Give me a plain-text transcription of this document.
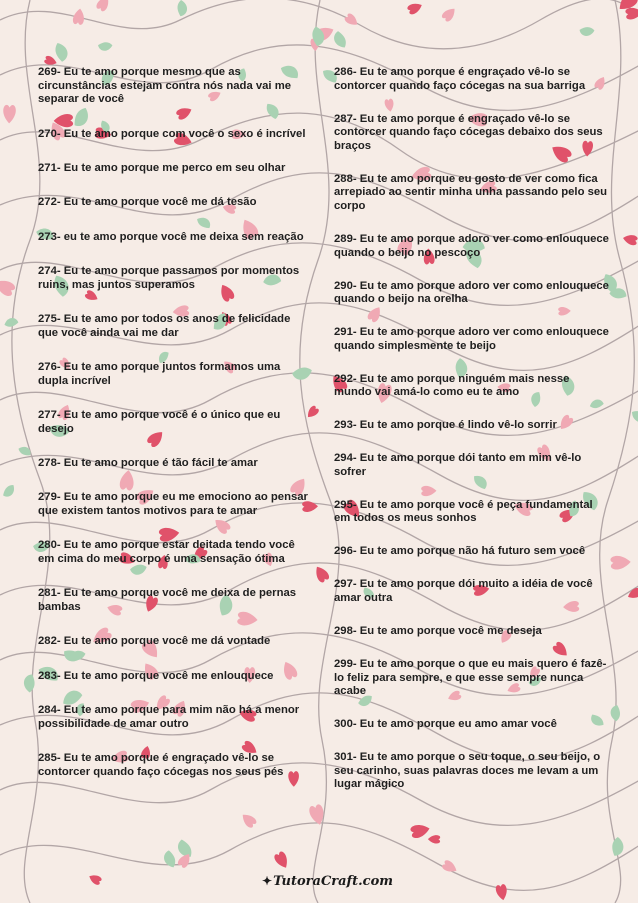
269- Eu te amo porque mesmo que as circunstâncias estejam contra nós nada vai me separar de você

270- Eu te amo porque com você o sexo é incrível

271- Eu te amo porque me perco em seu olhar

272- Eu te amo porque você me dá tesão

273- eu te amo porque você me deixa sem reação

274- Eu te amo porque passamos por momentos ruins, mas juntos superamos

275- Eu te amo por todos os anos de felicidade que você ainda vai me dar

276- Eu te amo porque juntos formamos uma dupla incrível

277- Eu te amo porque você é o único que eu desejo

278- Eu te amo porque é tão fácil te amar

279- Eu te amo porque eu me emociono ao pensar que existem tantos motivos para te amar

280- Eu te amo porque estar deitada tendo você em cima do meu corpo é uma sensação ótima

281- Eu te amo porque você me deixa de pernas bambas

282- Eu te amo porque você me dá vontade

283- Eu te amo porque você me enlouquece

284- Eu te amo porque para mim não há a menor possibilidade de amar outro

285- Eu te amo porque é engraçado vê-lo se contorcer quando faço cócegas nos seus pés

286- Eu te amo porque é engraçado vê-lo se contorcer quando faço cócegas na sua barriga

287- Eu te amo porque é engraçado vê-lo se contorcer quando faço cócegas debaixo dos seus braços

288- Eu te amo porque eu gosto de ver como fica arrepiado ao sentir minha unha passando pelo seu corpo

289- Eu te amo porque adoro ver como enlouquece quando o beijo no pescoço

290- Eu te amo porque adoro ver como enlouquece quando o beijo na orelha

291- Eu te amo porque adoro ver como enlouquece quando simplesmente te beijo

292- Eu te amo porque ninguém mais nesse mundo vai amá-lo como eu te amo

293- Eu te amo porque é lindo vê-lo sorrir

294- Eu te amo porque dói tanto em mim vê-lo sofrer

295- Eu te amo porque você é peça fundamental em todos os meus sonhos

296- Eu te amo porque não há futuro sem você

297- Eu te amo porque dói muito a idéia de você amar outra

298- Eu te amo porque você me deseja

299- Eu te amo porque o que eu mais quero é fazê-lo feliz para sempre, e que esse sempre nunca acabe

300- Eu te amo porque eu amo amar você

301- Eu te amo porque o seu toque, o seu beijo, o seu carinho, suas palavras doces me levam a um lugar mágico

✦TutoraCraft.com
